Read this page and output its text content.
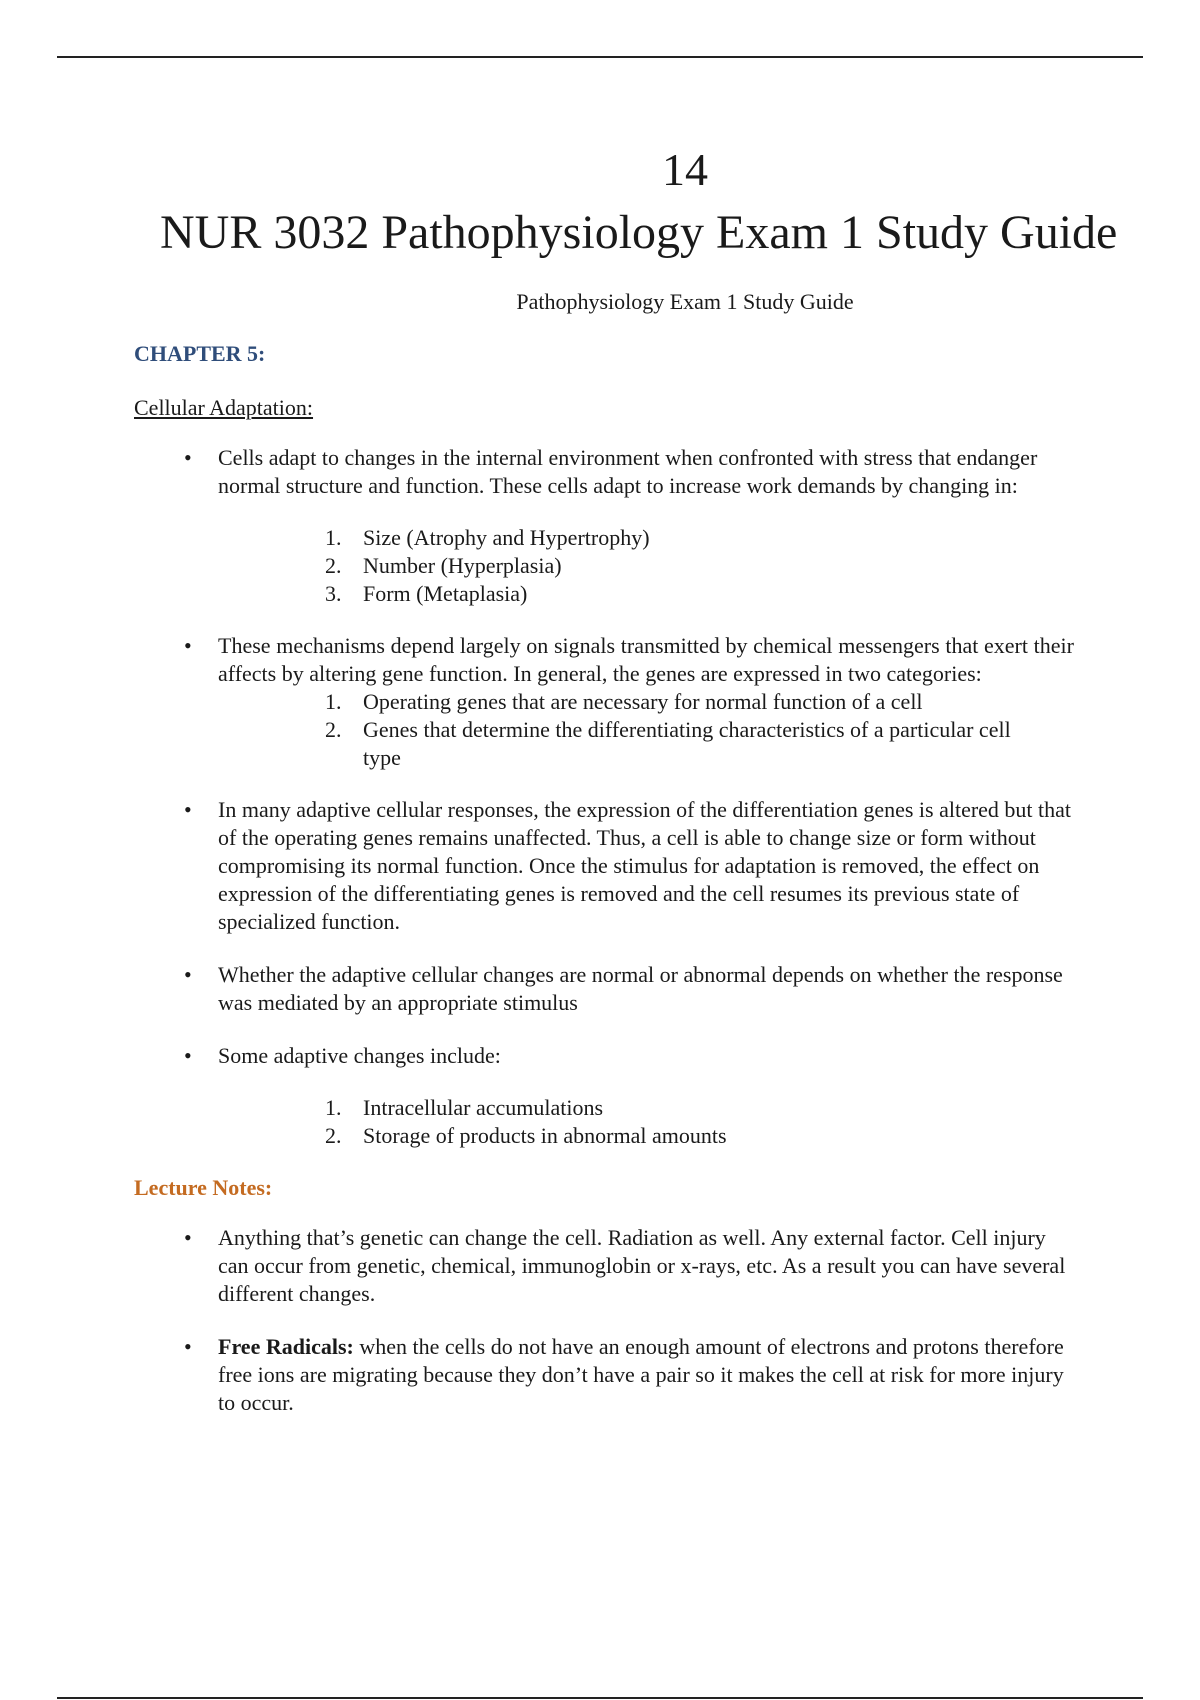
14
NUR 3032 Pathophysiology Exam 1 Study Guide
Pathophysiology Exam 1 Study Guide
CHAPTER 5:
Cellular Adaptation:
• Cells adapt to changes in the internal environment when confronted with stress that endanger normal structure and function. These cells adapt to increase work demands by changing in:
1. Size (Atrophy and Hypertrophy)
2. Number (Hyperplasia)
3. Form (Metaplasia)
• These mechanisms depend largely on signals transmitted by chemical messengers that exert their affects by altering gene function. In general, the genes are expressed in two categories:
1. Operating genes that are necessary for normal function of a cell
2. Genes that determine the differentiating characteristics of a particular cell type
• In many adaptive cellular responses, the expression of the differentiation genes is altered but that of the operating genes remains unaffected. Thus, a cell is able to change size or form without compromising its normal function. Once the stimulus for adaptation is removed, the effect on expression of the differentiating genes is removed and the cell resumes its previous state of specialized function.
• Whether the adaptive cellular changes are normal or abnormal depends on whether the response was mediated by an appropriate stimulus
• Some adaptive changes include:
1. Intracellular accumulations
2. Storage of products in abnormal amounts
Lecture Notes:
• Anything that’s genetic can change the cell. Radiation as well. Any external factor. Cell injury can occur from genetic, chemical, immunoglobin or x-rays, etc. As a result you can have several different changes.
• Free Radicals: when the cells do not have an enough amount of electrons and protons therefore free ions are migrating because they don’t have a pair so it makes the cell at risk for more injury to occur.
